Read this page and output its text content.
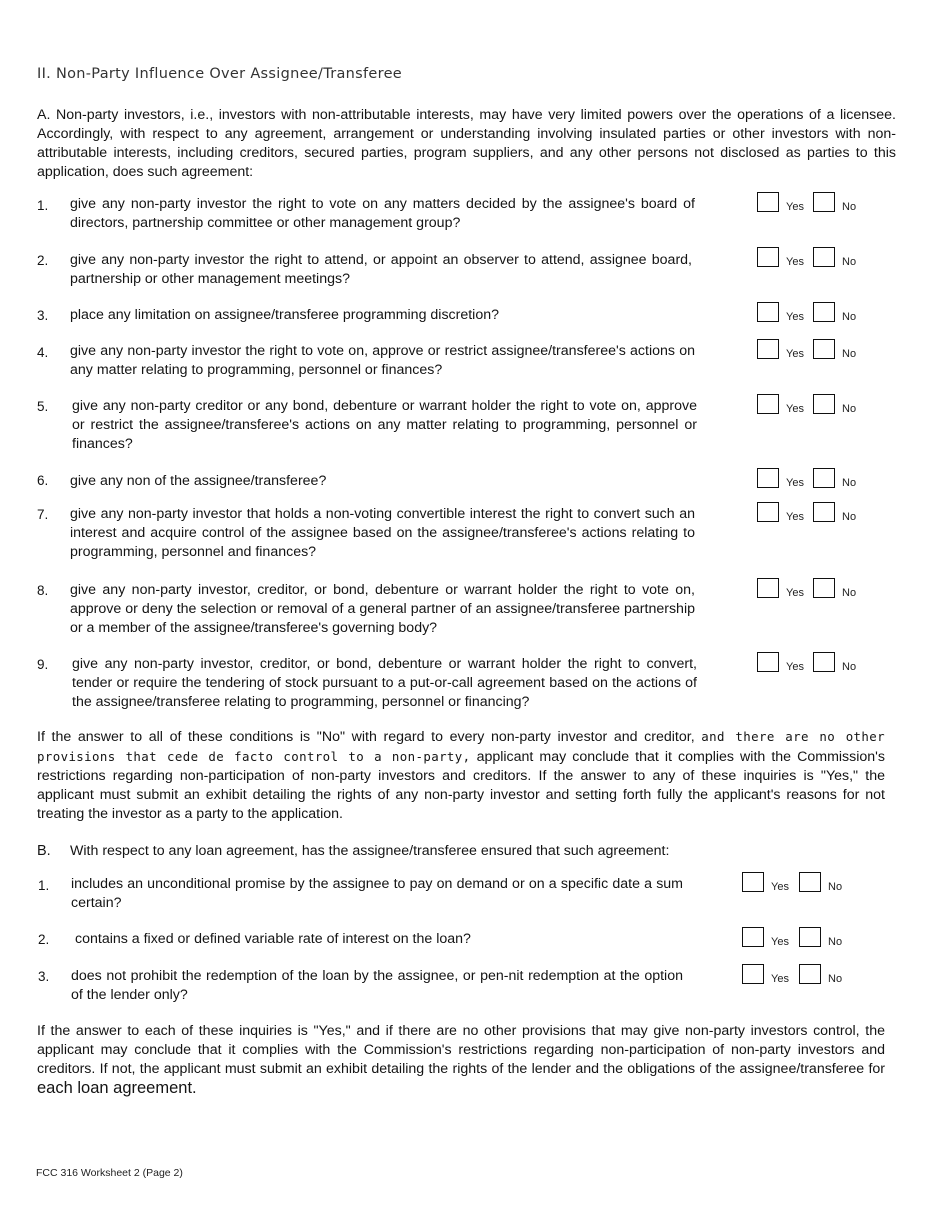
II. Non-Party Influence Over Assignee/Transferee
A. Non-party investors, i.e., investors with non-attributable interests, may have very limited powers over the operations of a licensee. Accordingly, with respect to any agreement, arrangement or understanding involving insulated parties or other investors with non-attributable interests, including creditors, secured parties, program suppliers, and any other persons not disclosed as parties to this application, does such agreement:
1. give any non-party investor the right to vote on any matters decided by the assignee's board of directors, partnership committee or other management group?
Yes	No
2. give any non-party investor the right to attend, or appoint an observer to attend, assignee board, partnership or other management meetings?
Yes	No
3. place any limitation on assignee/transferee programming discretion?	Yes	No
4. give any non-party investor the right to vote on, approve or restrict assignee/transferee's actions on any matter relating to programming, personnel or finances?
Yes	No
5. give any non-party creditor or any bond, debenture or warrant holder the right to vote on, approve or restrict the assignee/transferee's actions on any matter relating to programming, personnel or finances?
Yes	No
6. give any non of the assignee/transferee?	Yes	No
7. give any non-party investor that holds a non-voting convertible interest the right to convert such an interest and acquire control of the assignee based on the assignee/transferee's actions relating to programming, personnel and finances?
Yes	No
8. give any non-party investor, creditor, or bond, debenture or warrant holder the right to vote on, approve or deny the selection or removal of a general partner of an assignee/transferee partnership or a member of the assignee/transferee's governing body?
Yes	No
9. give any non-party investor, creditor, or bond, debenture or warrant holder the right to convert, tender or require the tendering of stock pursuant to a put-or-call agreement based on the actions of the assignee/transferee relating to programming, personnel or financing?
Yes	No
If the answer to all of these conditions is "No" with regard to every non-party investor and creditor, and there are no other provisions that cede de facto control to a non-party, applicant may conclude that it complies with the Commission's restrictions regarding non-participation of non-party investors and creditors. If the answer to any of these inquiries is "Yes," the applicant must submit an exhibit detailing the rights of any non-party investor and setting forth fully the applicant's reasons for not treating the investor as a party to the application.
B. With respect to any loan agreement, has the assignee/transferee ensured that such agreement:
1. includes an unconditional promise by the assignee to pay on demand or on a specific date a sum certain?
Yes	No
2. contains a fixed or defined variable rate of interest on the loan?	Yes	No
3. does not prohibit the redemption of the loan by the assignee, or pen-nit redemption at the option of the lender only?
Yes	No
If the answer to each of these inquiries is "Yes," and if there are no other provisions that may give non-party investors control, the applicant may conclude that it complies with the Commission's restrictions regarding non-participation of non-party investors and creditors. If not, the applicant must submit an exhibit detailing the rights of the lender and the obligations of the assignee/transferee for each loan agreement.
FCC 316 Worksheet 2 (Page 2)
